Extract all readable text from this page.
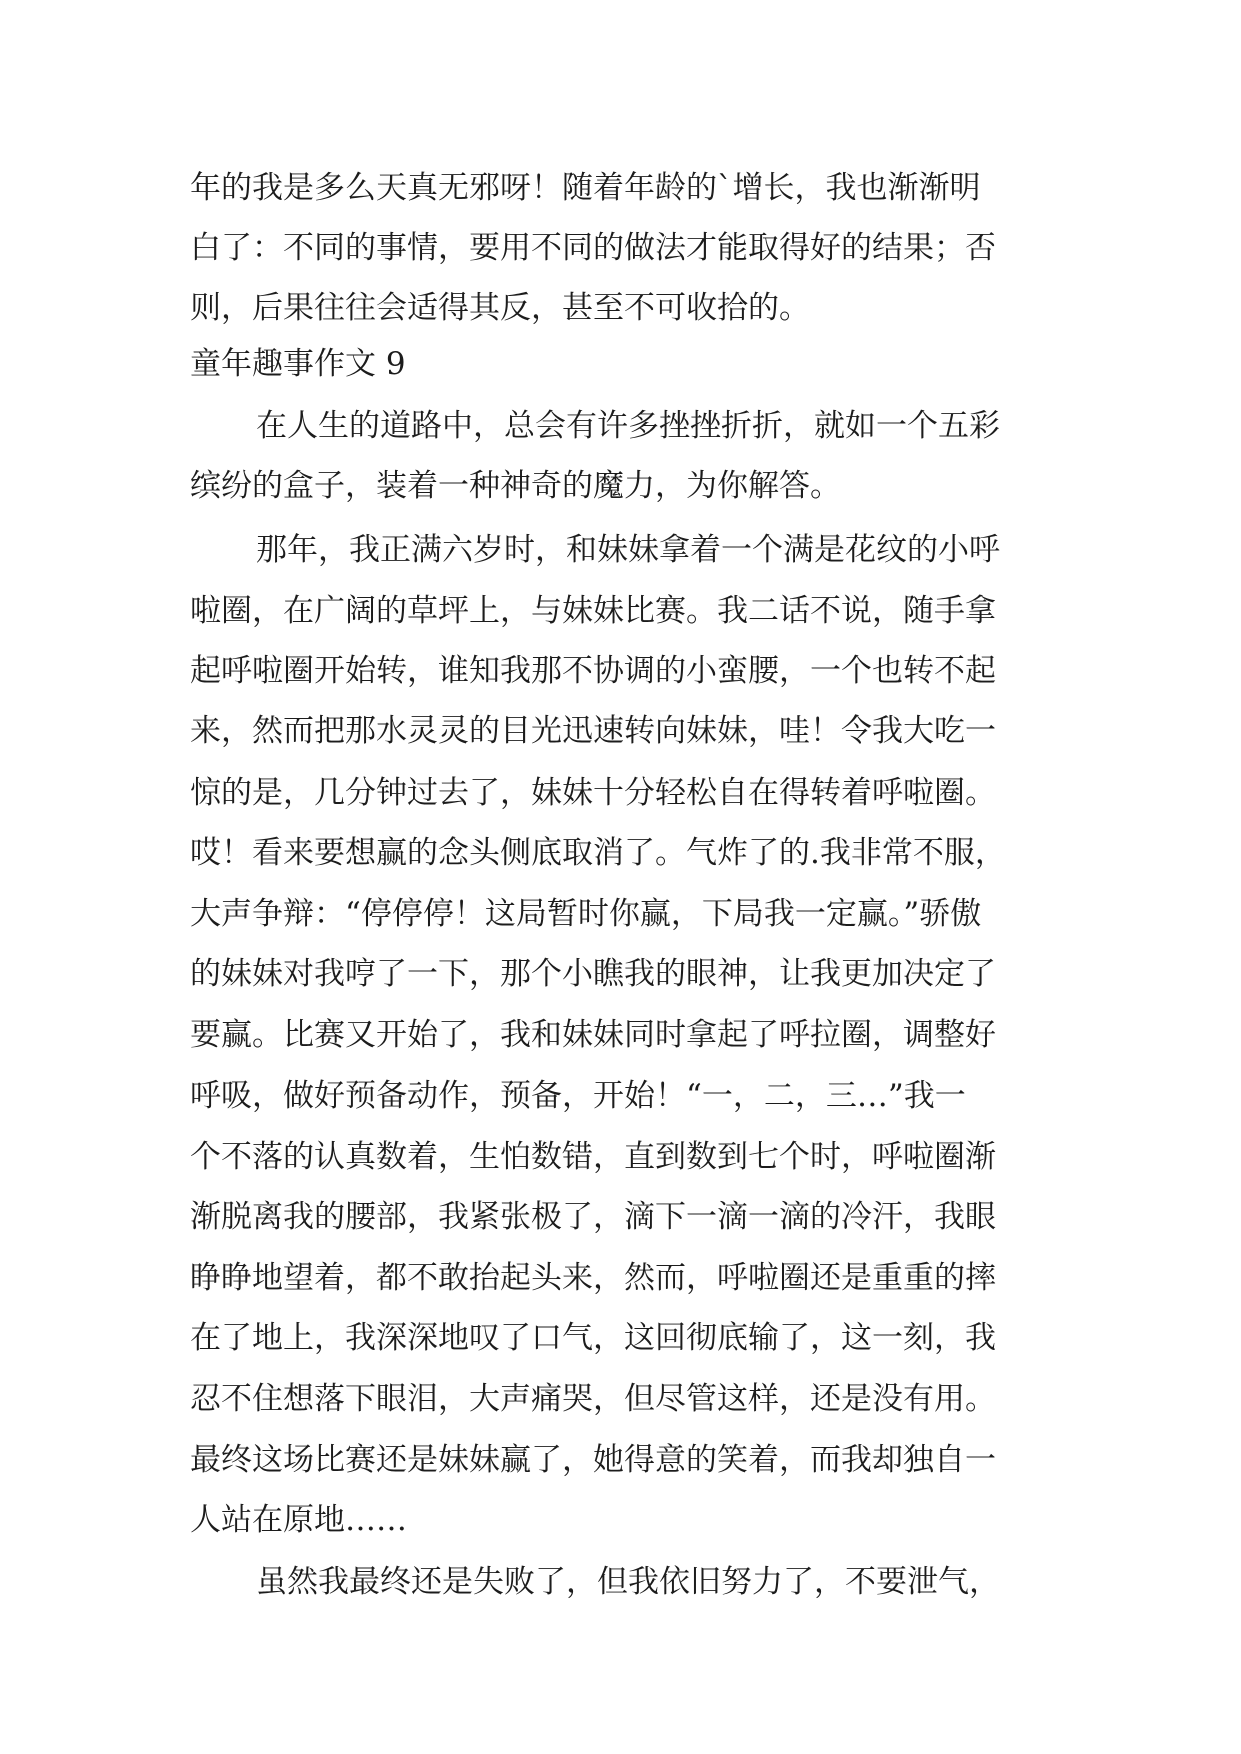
年的我是多么天真无邪呀！随着年龄的`增长，我也渐渐明

白了：不同的事情，要用不同的做法才能取得好的结果；否

则，后果往往会适得其反，甚至不可收拾的。

童年趣事作文 9

在人生的道路中，总会有许多挫挫折折，就如一个五彩

缤纷的盒子，装着一种神奇的魔力，为你解答。

那年，我正满六岁时，和妹妹拿着一个满是花纹的小呼

啦圈，在广阔的草坪上，与妹妹比赛。我二话不说，随手拿

起呼啦圈开始转，谁知我那不协调的小蛮腰，一个也转不起

来，然而把那水灵灵的目光迅速转向妹妹，哇！令我大吃一

惊的是，几分钟过去了，妹妹十分轻松自在得转着呼啦圈。

哎！看来要想赢的念头侧底取消了。气炸了的.我非常不服，

大声争辩：“停停停！这局暂时你赢，下局我一定赢。”骄傲

的妹妹对我哼了一下，那个小瞧我的眼神，让我更加决定了

要赢。比赛又开始了，我和妹妹同时拿起了呼拉圈，调整好

呼吸，做好预备动作，预备，开始！“一，二，三…”我一

个不落的认真数着，生怕数错，直到数到七个时，呼啦圈渐

渐脱离我的腰部，我紧张极了，滴下一滴一滴的冷汗，我眼

睁睁地望着，都不敢抬起头来，然而，呼啦圈还是重重的摔

在了地上，我深深地叹了口气，这回彻底输了，这一刻，我

忍不住想落下眼泪，大声痛哭，但尽管这样，还是没有用。

最终这场比赛还是妹妹赢了，她得意的笑着，而我却独自一

人站在原地……

虽然我最终还是失败了，但我依旧努力了，不要泄气，
